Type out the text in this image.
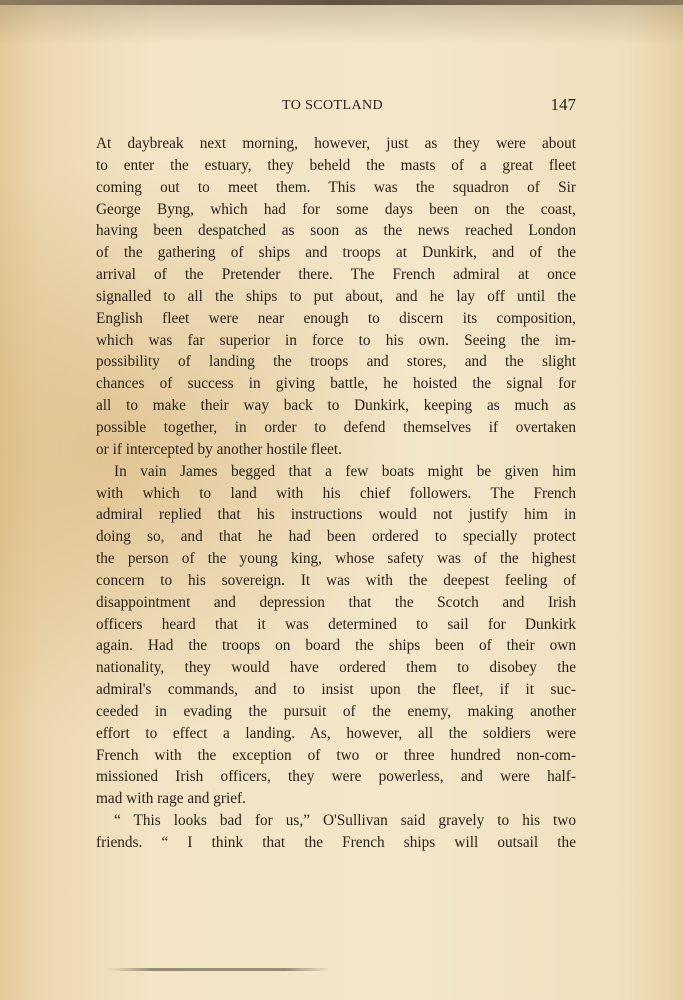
TO SCOTLAND	147
At daybreak next morning, however, just as they were about
to enter the estuary, they beheld the masts of a great fleet
coming out to meet them. This was the squadron of Sir
George Byng, which had for some days been on the coast,
having been despatched as soon as the news reached London
of the gathering of ships and troops at Dunkirk, and of the
arrival of the Pretender there. The French admiral at once
signalled to all the ships to put about, and he lay off until the
English fleet were near enough to discern its composition,
which was far superior in force to his own. Seeing the im-
possibility of landing the troops and stores, and the slight
chances of success in giving battle, he hoisted the signal for
all to make their way back to Dunkirk, keeping as much as
possible together, in order to defend themselves if overtaken
or if intercepted by another hostile fleet.
In vain James begged that a few boats might be given him
with which to land with his chief followers. The French
admiral replied that his instructions would not justify him in
doing so, and that he had been ordered to specially protect
the person of the young king, whose safety was of the highest
concern to his sovereign. It was with the deepest feeling of
disappointment and depression that the Scotch and Irish
officers heard that it was determined to sail for Dunkirk
again. Had the troops on board the ships been of their own
nationality, they would have ordered them to disobey the
admiral's commands, and to insist upon the fleet, if it suc-
ceeded in evading the pursuit of the enemy, making another
effort to effect a landing. As, however, all the soldiers were
French with the exception of two or three hundred non-com-
missioned Irish officers, they were powerless, and were half-
mad with rage and grief.
“ This looks bad for us,” O'Sullivan said gravely to his two
friends. “ I think that the French ships will outsail the
